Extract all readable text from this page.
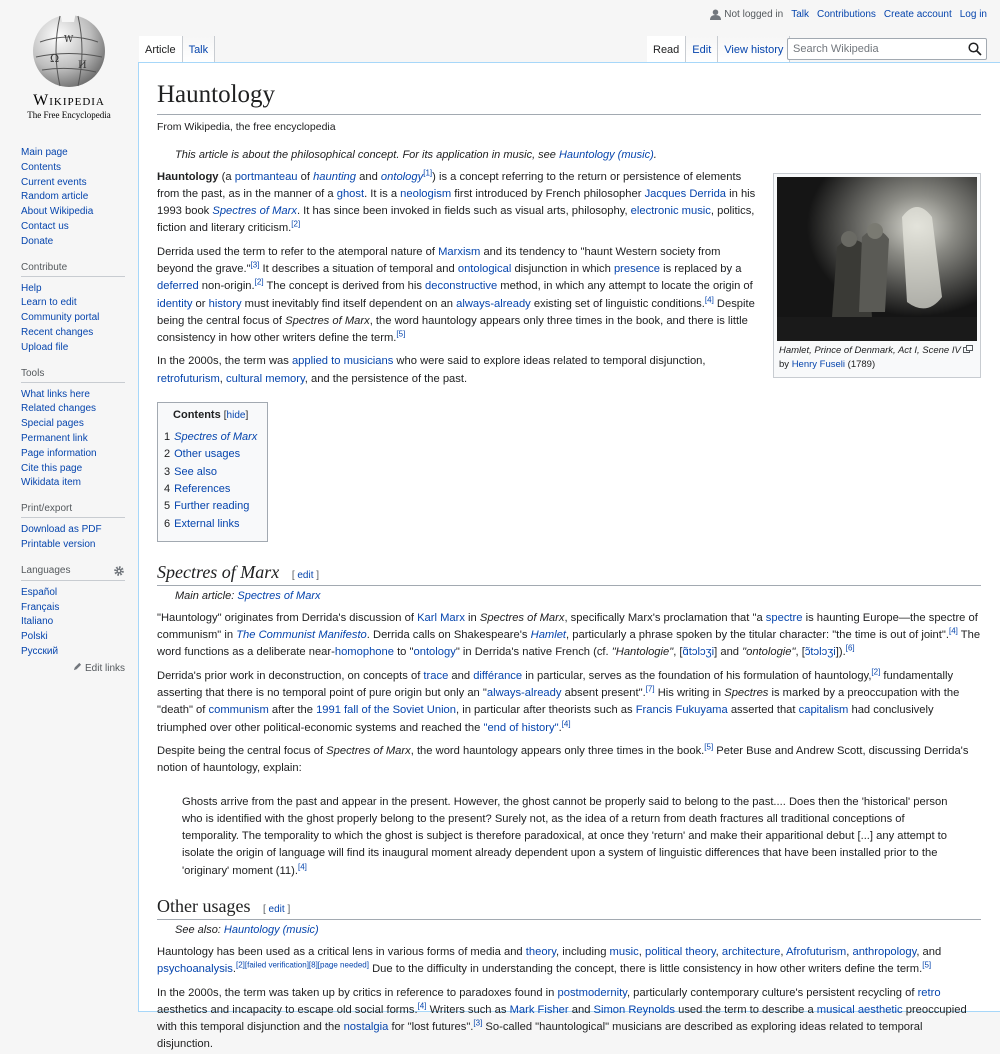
Ω
И
W
Wikipedia
The Free Encyclopedia
Not logged in Talk Contributions Create account Log in
Article	Talk	Read	Edit	View history
Search Wikipedia
Main page
Contents
Current events
Random article
About Wikipedia
Contact us
Donate
Contribute
Help
Learn to edit
Community portal
Recent changes
Upload file
Tools
What links here
Related changes
Special pages
Permanent link
Page information
Cite this page
Wikidata item
Print/export
Download as PDF
Printable version
Languages
Español
Français
Italiano
Polski
Русский
Edit links
Hauntology
From Wikipedia, the free encyclopedia
This article is about the philosophical concept. For its application in music, see Hauntology (music).
Hamlet, Prince of Denmark, Act I, Scene IV
by Henry Fuseli (1789)

Hauntology (a portmanteau of haunting and ontology[1]) is a concept referring to the return or persistence of elements from the past, as in the manner of a ghost. It is a neologism first introduced by French philosopher Jacques Derrida in his 1993 book Spectres of Marx. It has since been invoked in fields such as visual arts, philosophy, electronic music, politics, fiction and literary criticism.[2]

Derrida used the term to refer to the atemporal nature of Marxism and its tendency to "haunt Western society from beyond the grave."[3] It describes a situation of temporal and ontological disjunction in which presence is replaced by a deferred non-origin.[2] The concept is derived from his deconstructive method, in which any attempt to locate the origin of identity or history must inevitably find itself dependent on an always-already existing set of linguistic conditions.[4] Despite being the central focus of Spectres of Marx, the word hauntology appears only three times in the book, and there is little consistency in how other writers define the term.[5]

In the 2000s, the term was applied to musicians who were said to explore ideas related to temporal disjunction, retrofuturism, cultural memory, and the persistence of the past.

Contents [hide]
1 Spectres of Marx
2 Other usages
3 See also
4 References
5 Further reading
6 External links
Spectres of Marx [ edit ]
Main article: Spectres of Marx

"Hauntology" originates from Derrida's discussion of Karl Marx in Spectres of Marx, specifically Marx's proclamation that "a spectre is haunting Europe—the spectre of communism" in The Communist Manifesto. Derrida calls on Shakespeare's Hamlet, particularly a phrase spoken by the titular character: "the time is out of joint".[4] The word functions as a deliberate near-homophone to "ontology" in Derrida's native French (cf. "Hantologie", [ɑ̃tɔlɔʒi] and "ontologie", [ɔ̃tɔlɔʒi]).[6]

Derrida's prior work in deconstruction, on concepts of trace and différance in particular, serves as the foundation of his formulation of hauntology,[2] fundamentally asserting that there is no temporal point of pure origin but only an "always-already absent present".[7] His writing in Spectres is marked by a preoccupation with the "death" of communism after the 1991 fall of the Soviet Union, in particular after theorists such as Francis Fukuyama asserted that capitalism had conclusively triumphed over other political-economic systems and reached the "end of history".[4]

Despite being the central focus of Spectres of Marx, the word hauntology appears only three times in the book.[5] Peter Buse and Andrew Scott, discussing Derrida's notion of hauntology, explain:

Ghosts arrive from the past and appear in the present. However, the ghost cannot be properly said to belong to the past.... Does then the 'historical' person who is identified with the ghost properly belong to the present? Surely not, as the idea of a return from death fractures all traditional conceptions of temporality. The temporality to which the ghost is subject is therefore paradoxical, at once they 'return' and make their apparitional debut [...] any attempt to isolate the origin of language will find its inaugural moment already dependent upon a system of linguistic differences that have been installed prior to the 'originary' moment (11).[4]
Other usages [ edit ]
See also: Hauntology (music)

Hauntology has been used as a critical lens in various forms of media and theory, including music, political theory, architecture, Afrofuturism, anthropology, and psychoanalysis.[2][failed verification][8][page needed] Due to the difficulty in understanding the concept, there is little consistency in how other writers define the term.[5]

In the 2000s, the term was taken up by critics in reference to paradoxes found in postmodernity, particularly contemporary culture's persistent recycling of retro aesthetics and incapacity to escape old social forms.[4] Writers such as Mark Fisher and Simon Reynolds used the term to describe a musical aesthetic preoccupied with this temporal disjunction and the nostalgia for "lost futures".[3] So-called "hauntological" musicians are described as exploring ideas related to temporal disjunction.
